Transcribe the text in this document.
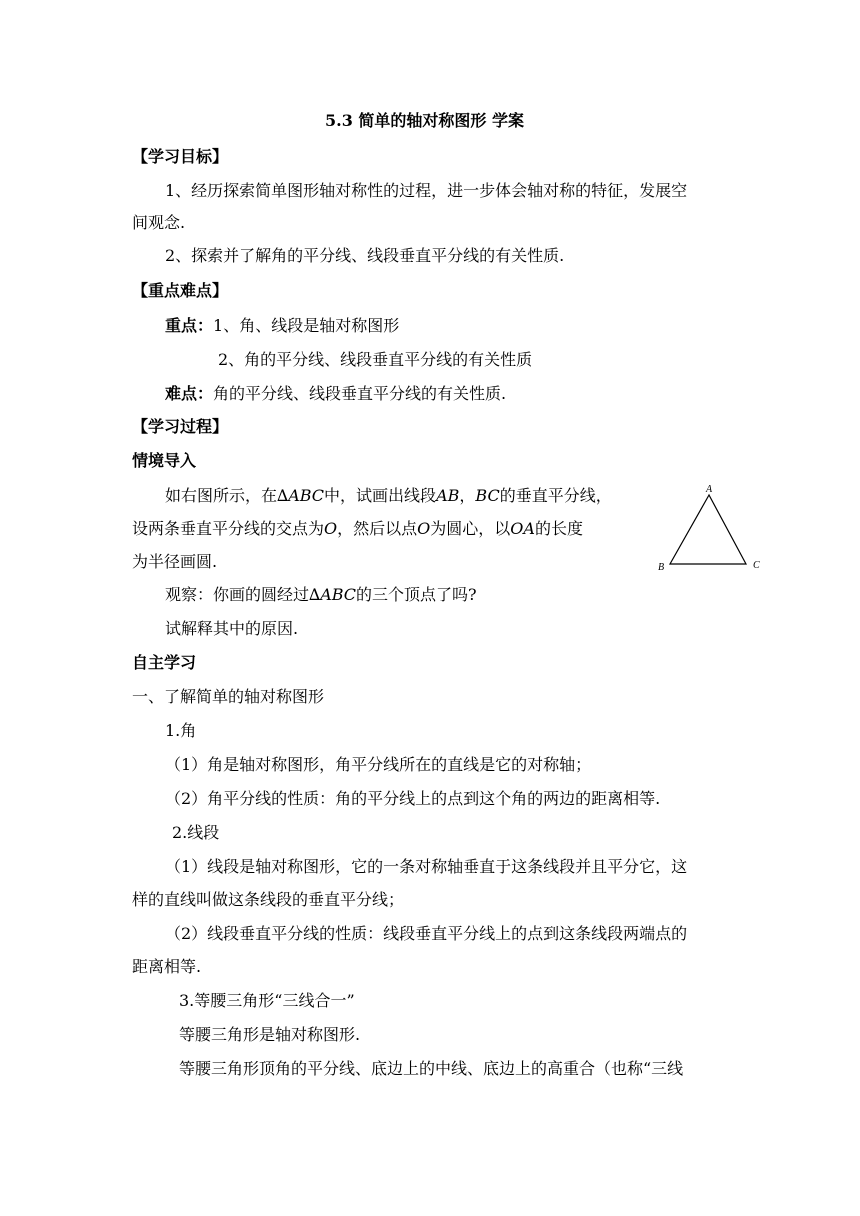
5.3 简单的轴对称图形 学案
【学习目标】
1、经历探索简单图形轴对称性的过程，进一步体会轴对称的特征，发展空
间观念.
2、探索并了解角的平分线、线段垂直平分线的有关性质.
【重点难点】
重点：1、角、线段是轴对称图形
2、角的平分线、线段垂直平分线的有关性质
难点：角的平分线、线段垂直平分线的有关性质.
【学习过程】
情境导入
如右图所示，在∆ABC中，试画出线段AB，BC的垂直平分线，
设两条垂直平分线的交点为O，然后以点O为圆心，以OA的长度
为半径画圆.
A
B	C
观察：你画的圆经过∆ABC的三个顶点了吗?
试解释其中的原因.
自主学习
一、了解简单的轴对称图形
1.角
（1）角是轴对称图形，角平分线所在的直线是它的对称轴；
（2）角平分线的性质：角的平分线上的点到这个角的两边的距离相等.
2.线段
（1）线段是轴对称图形，它的一条对称轴垂直于这条线段并且平分它，这
样的直线叫做这条线段的垂直平分线；
（2）线段垂直平分线的性质：线段垂直平分线上的点到这条线段两端点的
距离相等.
3.等腰三角形“三线合一”
等腰三角形是轴对称图形.
等腰三角形顶角的平分线、底边上的中线、底边上的高重合（也称“三线
